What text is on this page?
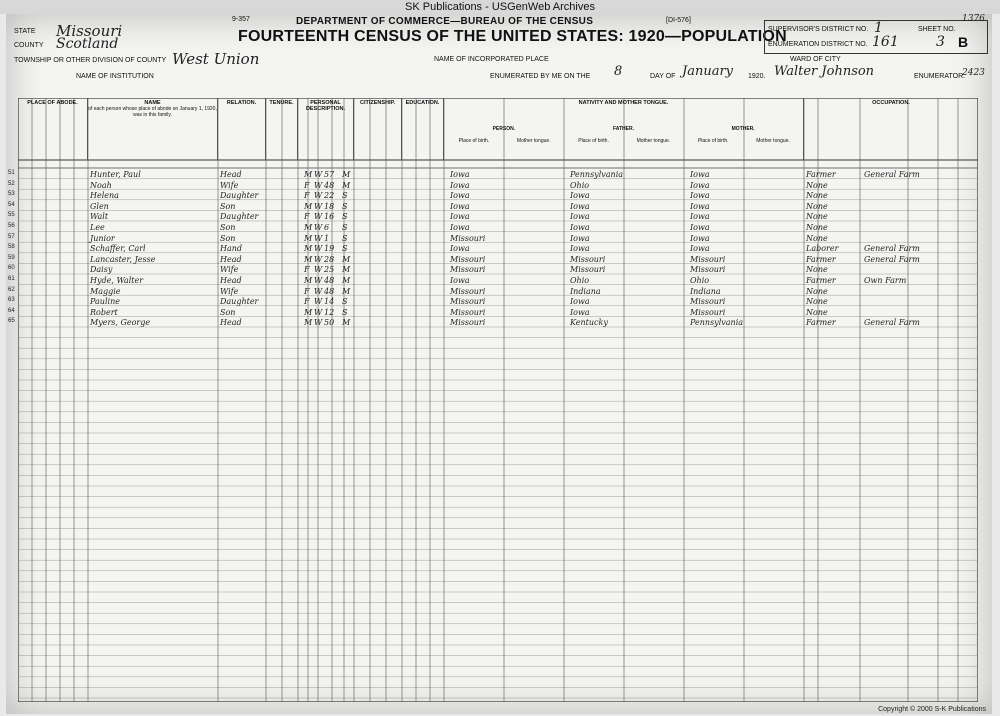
SK Publications - USGenWeb Archives
9-357	DEPARTMENT OF COMMERCE—BUREAU OF THE CENSUS	[DI-576]
FOURTEENTH CENSUS OF THE UNITED STATES: 1920—POPULATION
STATE Missouri
COUNTY Scotland
TOWNSHIP OR OTHER DIVISION OF COUNTY West Union
NAME OF INSTITUTION
NAME OF INCORPORATED PLACE
ENUMERATED BY ME ON THE 8	DAY OF January 1920. Walter Johnson	ENUMERATOR.
WARD OF CITY
SUPERVISOR'S DISTRICT NO. 1
ENUMERATION DISTRICT NO. 161
SHEET NO.
3 B
1376
2423
PLACE OF ABODE.	NAME
of each person whose place of abode on January 1, 1920, was in this family.
RELATION.	TENURE.	PERSONAL DESCRIPTION.
CITIZENSHIP.	EDUCATION.	NATIVITY AND MOTHER TONGUE.
PERSON.	FATHER.	MOTHER.
Place of birth.	Mother tongue.	Place of birth.	Mother tongue.	Place of birth.	Mother tongue.
OCCUPATION.
51	Hunter, Paul	Head	M W 57 M	Iowa	Pennsylvania	Iowa	Farmer	General Farm
52	Noah	Wife	F W 48 M	Iowa	Ohio	Iowa	None
53	Helena	Daughter	F W 22 S	Iowa	Iowa	Iowa	None
54	Glen	Son	M W 18 S	Iowa	Iowa	Iowa	None
55	Walt	Daughter	F W 16 S	Iowa	Iowa	Iowa	None
56	Lee	Son	M W 6 S	Iowa	Iowa	Iowa	None
57	Junior	Son	M W 1 S	Missouri	Iowa	Iowa	None
58	Schaffer, Carl	Hand	M W 19 S	Iowa	Iowa	Iowa	Laborer	General Farm
59	Lancaster, Jesse	Head	M W 28 M	Missouri	Missouri	Missouri	Farmer	General Farm
60	Daisy	Wife	F W 25 M	Missouri	Missouri	Missouri	None
61	Hyde, Walter	Head	M W 48 M	Iowa	Ohio	Ohio	Farmer	Own Farm
62	Maggie	Wife	F W 48 M	Missouri	Indiana	Indiana	None
63	Pauline	Daughter	F W 14 S	Missouri	Iowa	Missouri	None
64	Robert	Son	M W 12 S	Missouri	Iowa	Missouri	None
65	Myers, George	Head	M W 50 M	Missouri	Kentucky	Pennsylvania	Farmer	General Farm
Copyright © 2000 S-K Publications
